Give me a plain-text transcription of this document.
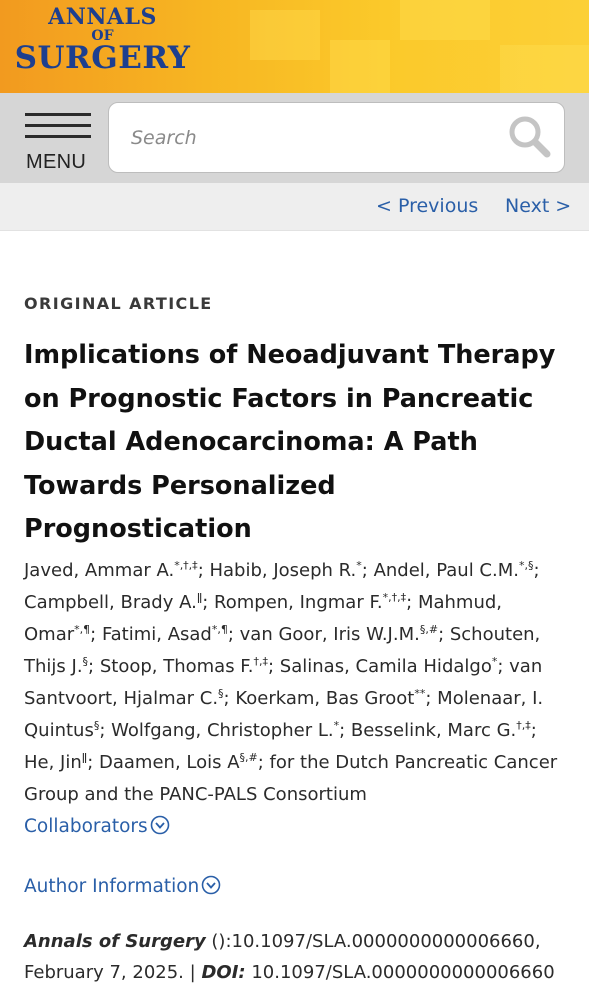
ANNALS
OF
SURGERY
MENU
Search
< Previous Next >
ORIGINAL ARTICLE
Implications of Neoadjuvant Therapy on Prognostic Factors in Pancreatic Ductal Adenocarcinoma: A Path Towards Personalized Prognostication
Javed, Ammar A.*,†,‡; Habib, Joseph R.*; Andel, Paul C.M.*,§; Campbell, Brady A.$^ǁ$; Rompen, Ingmar F.*,†,‡; Mahmud, Omar*,¶; Fatimi, Asad*,¶; van Goor, Iris W.J.M.§,#; Schouten, Thijs J.§; Stoop, Thomas F.†,‡; Salinas, Camila Hidalgo*; van Santvoort, Hjalmar C.§; Koerkam, Bas Groot**; Molenaar, I. Quintus§; Wolfgang, Christopher L.*; Besselink, Marc G.†,‡; He, Jin$^ǁ$; Daamen, Lois A§,#; for the Dutch Pancreatic Cancer Group and the PANC-PALS Consortium
Collaborators
Author Information
Annals of Surgery ():10.1097/SLA.0000000000006660,
February 7, 2025. | DOI: 10.1097/SLA.0000000000006660
